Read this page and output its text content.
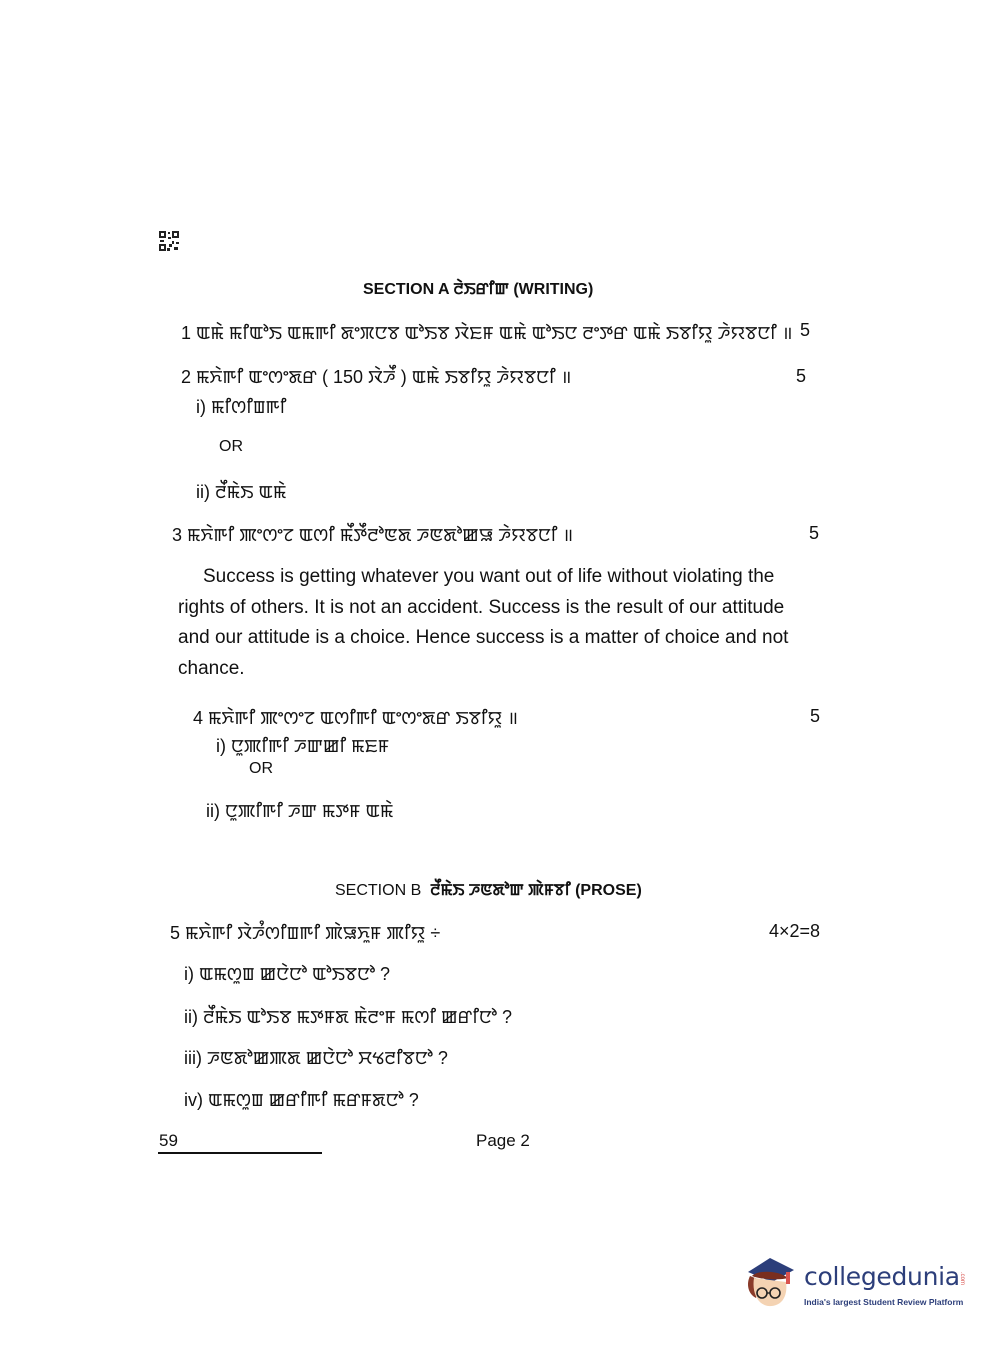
SECTION A ꯂꯥꯏꯔꯤꯛ (WRITING)
1 ꯑꯃꯥ ꯃꯤꯑꯣꯏ ꯑꯃꯒꯤ ꯗꯦꯞꯅꯕ ꯑꯣꯏꯕ ꯋꯥꯐꯝ ꯑꯃꯥ ꯑꯣꯏꯅ ꯂꯦꯇꯔ ꯑꯃꯥ ꯏꯕꯤꯌꯨ ꯍꯥꯌꯕꯅꯤ ॥ 5
2 ꯃꯈꯥꯒꯤ ꯑꯦꯁꯦꯗꯔ ( 150 ꯋꯥꯍꯩ ) ꯑꯃꯥ ꯏꯕꯤꯌꯨ ꯍꯥꯌꯕꯅꯤ ॥	5
i) ꯃꯤꯁꯤꯡꯒꯤ
OR
ii) ꯂꯩꯃꯥꯏ ꯑꯃꯥ
3 ꯃꯈꯥꯒꯤ ꯄꯦꯁꯦꯖ ꯑꯁꯤ ꯃꯩꯇꯩꯂꯣꯟꯗ ꯍꯟꯗꯣꯀꯎ ꯍꯥꯌꯕꯅꯤ ॥	5

Success is getting whatever you want out of life without violating the rights of others. It is not an accident. Success is the result of our attitude and our attitude is a choice. Hence success is a matter of choice and not chance.

4 ꯃꯈꯥꯒꯤ ꯄꯦꯁꯦꯖ ꯑꯁꯤꯒꯤ ꯑꯦꯁꯦꯗꯔ ꯏꯕꯤꯌꯨ ॥	5
i) ꯅꯨꯄꯤꯒꯤ ꯍꯛꯀꯤ ꯃꯐꯝ
OR
ii) ꯅꯨꯄꯤꯒꯤ ꯍꯛ ꯃꯇꯝ ꯑꯃꯥ
SECTION B ꯂꯩꯃꯥꯏ ꯍꯟꯗꯣꯛ ꯄꯥꯝꯕꯤ (PROSE)
5 ꯃꯈꯥꯒꯤ ꯋꯥꯍꯪꯁꯤꯡꯒꯤ ꯄꯥꯎꯈꯨꯝ ꯄꯤꯌꯨ ÷	4×2=8
i) ꯑꯃꯁꯨꯡ ꯀꯅꯥꯅꯣ ꯑꯣꯏꯕꯅꯣ ?
ii) ꯂꯩꯃꯥꯏ ꯑꯣꯏꯕ ꯃꯇꯝꯗ ꯃꯥꯂꯦꯝ ꯃꯁꯤ ꯀꯔꯤꯅꯣ ?
iii) ꯍꯟꯗꯣꯀꯄꯗ ꯀꯅꯥꯅꯣ ꯆꯠꯂꯤꯕꯅꯣ ?
iv) ꯑꯃꯁꯨꯡ ꯀꯔꯤꯒꯤ ꯃꯔꯝꯗꯅꯣ ?
59	Page 2
collegedunia .com
India's largest Student Review Platform
